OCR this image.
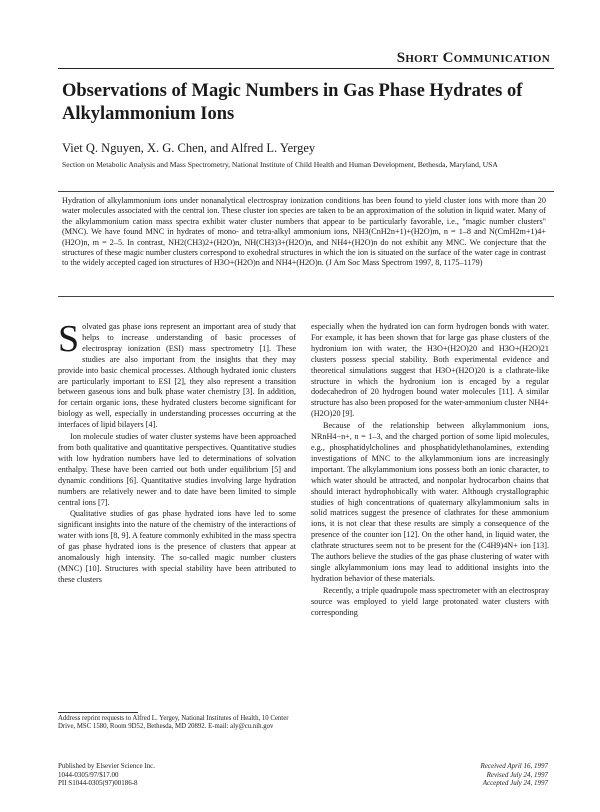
Short Communication
Observations of Magic Numbers in Gas Phase Hydrates of Alkylammonium Ions
Viet Q. Nguyen, X. G. Chen, and Alfred L. Yergey
Section on Metabolic Analysis and Mass Spectrometry, National Institute of Child Health and Human Development, Bethesda, Maryland, USA

Hydration of alkylammonium ions under nonanalytical electrospray ionization conditions has been found to yield cluster ions with more than 20 water molecules associated with the central ion. These cluster ion species are taken to be an approximation of the solution in liquid water. Many of the alkylammonium cation mass spectra exhibit water cluster numbers that appear to be particularly favorable, i.e., "magic number clusters" (MNC). We have found MNC in hydrates of mono- and tetra-alkyl ammonium ions, NH3(CnH2n+1)+(H2O)m, n = 1–8 and N(CmH2m+1)4+(H2O)n, m = 2–5. In contrast, NH2(CH3)2+(H2O)n, NH(CH3)3+(H2O)n, and NH4+(H2O)n do not exhibit any MNC. We conjecture that the structures of these magic number clusters correspond to exohedral structures in which the ion is situated on the surface of the water cage in contrast to the widely accepted caged ion structures of H3O+(H2O)n and NH4+(H2O)n. (J Am Soc Mass Spectrom 1997, 8, 1175–1179)

Solvated gas phase ions represent an important area of study that helps to increase understanding of basic processes of electrospray ionization (ESI) mass spectrometry [1]. These studies are also important from the insights that they may provide into basic chemical processes. Although hydrated ionic clusters are particularly important to ESI [2], they also represent a transition between gaseous ions and bulk phase water chemistry [3]. In addition, for certain organic ions, these hydrated clusters become significant for biology as well, especially in understanding processes occurring at the interfaces of lipid bilayers [4].

Ion molecule studies of water cluster systems have been approached from both qualitative and quantitative perspectives. Quantitative studies with low hydration numbers have led to determinations of solvation enthalpy. These have been carried out both under equilibrium [5] and dynamic conditions [6]. Quantitative studies involving large hydration numbers are relatively newer and to date have been limited to simple central ions [7].

Qualitative studies of gas phase hydrated ions have led to some significant insights into the nature of the chemistry of the interactions of water with ions [8, 9]. A feature commonly exhibited in the mass spectra of gas phase hydrated ions is the presence of clusters that appear at anomalously high intensity. The so-called magic number clusters (MNC) [10]. Structures with special stability have been attributed to these clusters

especially when the hydrated ion can form hydrogen bonds with water. For example, it has been shown that for large gas phase clusters of the hydronium ion with water, the H3O+(H2O)20 and H3O+(H2O)21 clusters possess special stability. Both experimental evidence and theoretical simulations suggest that H3O+(H2O)20 is a clathrate-like structure in which the hydronium ion is encaged by a regular dodecahedron of 20 hydrogen bound water molecules [11]. A similar structure has also been proposed for the water-ammonium cluster NH4+(H2O)20 [9].

Because of the relationship between alkylammonium ions, NRnH4−n+, n = 1–3, and the charged portion of some lipid molecules, e.g., phosphatidylcholines and phosphatidylethanolamines, extending investigations of MNC to the alkylammonium ions are increasingly important. The alkylammonium ions possess both an ionic character, to which water should be attracted, and nonpolar hydrocarbon chains that should interact hydrophobically with water. Although crystallographic studies of high concentrations of quaternary alkylammonium salts in solid matrices suggest the presence of clathrates for these ammonium ions, it is not clear that these results are simply a consequence of the presence of the counter ion [12]. On the other hand, in liquid water, the clathrate structures seem not to be present for the (C4H9)4N+ ion [13]. The authors believe the studies of the gas phase clustering of water with single alkylammonium ions may lead to additional insights into the hydration behavior of these materials.

Recently, a triple quadrupole mass spectrometer with an electrospray source was employed to yield large protonated water clusters with corresponding

Address reprint requests to Alfred L. Yergey, National Institutes of Health, 10 Center Drive, MSC 1580, Room 9D52, Bethesda, MD 20892. E-mail: aly@cu.nih.gov
Published by Elsevier Science Inc.
1044-0305/97/$17.00
PII S1044-0305(97)00186-8
Received April 16, 1997
Revised July 24, 1997
Accepted July 24, 1997
